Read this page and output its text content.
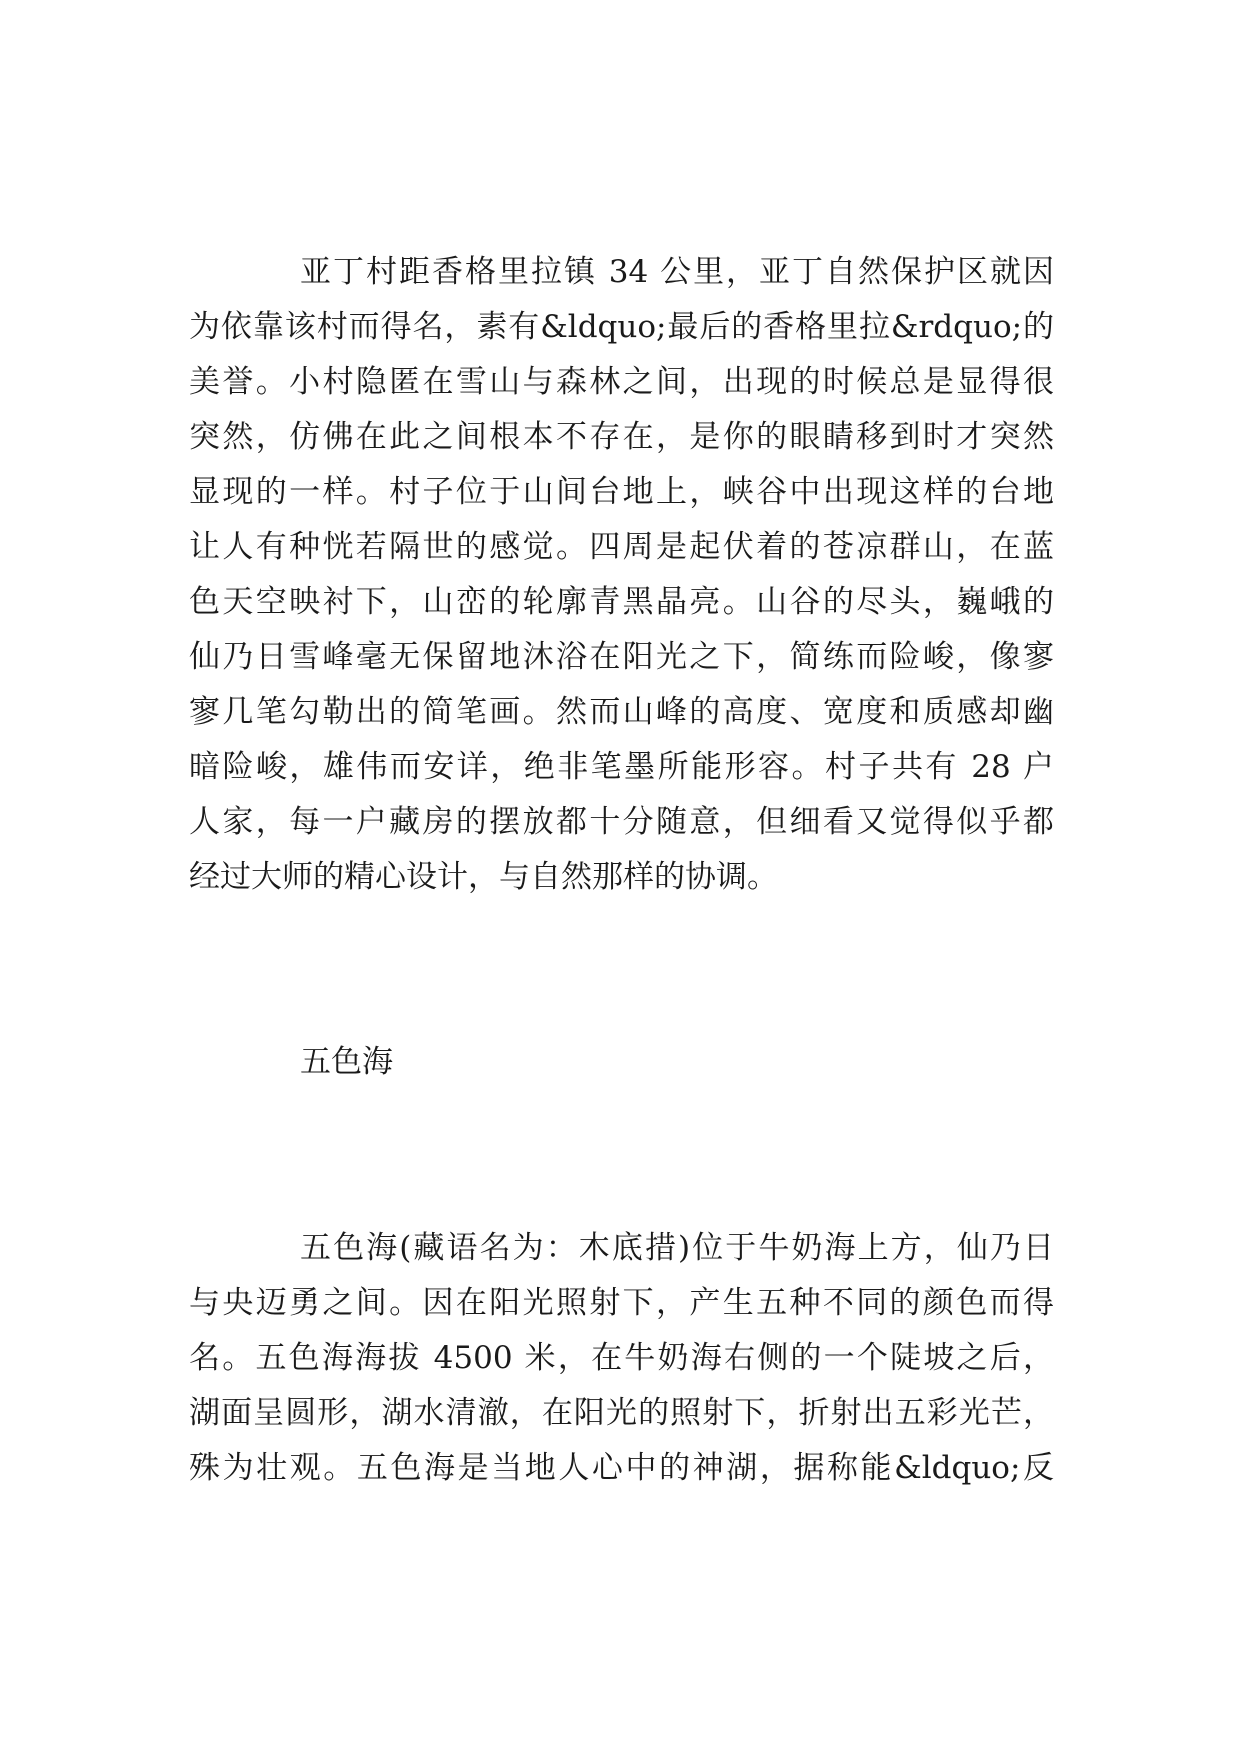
亚丁村距香格里拉镇 34 公里，亚丁自然保护区就因
为依靠该村而得名，素有&ldquo;最后的香格里拉&rdquo;的
美誉。小村隐匿在雪山与森林之间，出现的时候总是显得很
突然，仿佛在此之间根本不存在，是你的眼睛移到时才突然
显现的一样。村子位于山间台地上，峡谷中出现这样的台地
让人有种恍若隔世的感觉。四周是起伏着的苍凉群山，在蓝
色天空映衬下，山峦的轮廓青黑晶亮。山谷的尽头，巍峨的
仙乃日雪峰毫无保留地沐浴在阳光之下，简练而险峻，像寥
寥几笔勾勒出的简笔画。然而山峰的高度、宽度和质感却幽
暗险峻，雄伟而安详，绝非笔墨所能形容。村子共有 28 户
人家，每一户藏房的摆放都十分随意，但细看又觉得似乎都
经过大师的精心设计，与自然那样的协调。
五色海
五色海(藏语名为：木底措)位于牛奶海上方，仙乃日
与央迈勇之间。因在阳光照射下，产生五种不同的颜色而得
名。五色海海拔 4500 米，在牛奶海右侧的一个陡坡之后，
湖面呈圆形，湖水清澈，在阳光的照射下，折射出五彩光芒，
殊为壮观。五色海是当地人心中的神湖，据称能&ldquo;反
